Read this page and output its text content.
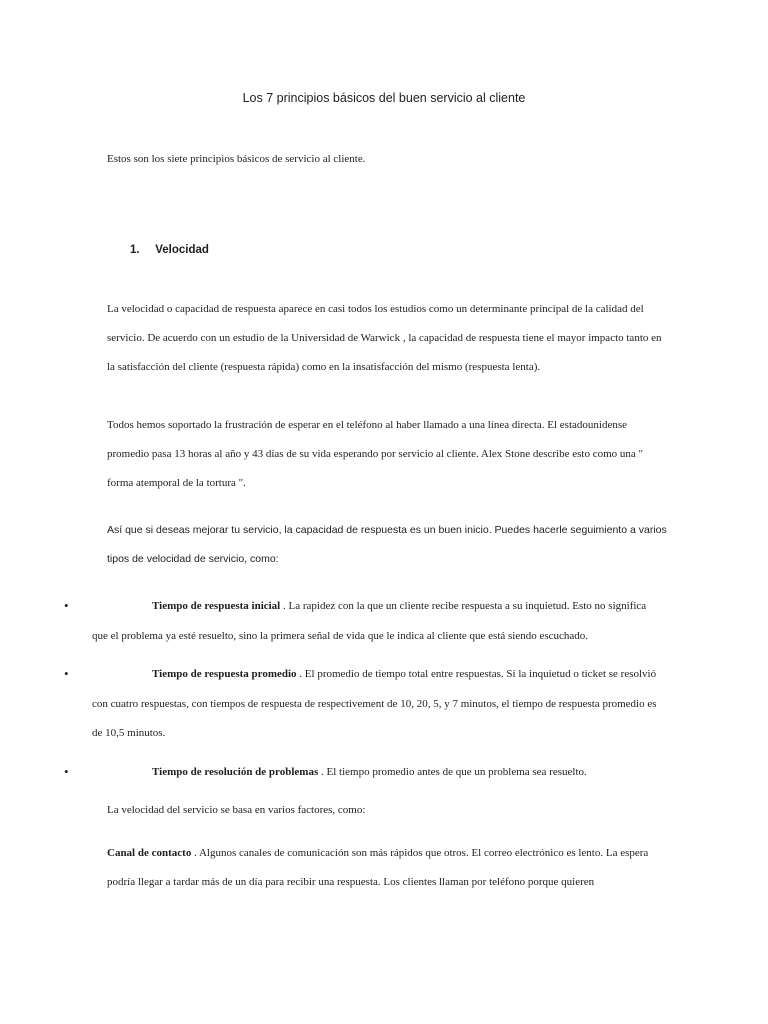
Los 7 principios básicos del buen servicio al cliente

Estos son los siete principios básicos de servicio al cliente.

1. Velocidad

La velocidad o capacidad de respuesta aparece en casi todos los estudios como un determinante principal de la calidad del servicio. De acuerdo con un estudio de la Universidad de Warwick , la capacidad de respuesta tiene el mayor impacto tanto en la satisfacción del cliente (respuesta rápida) como en la insatisfacción del mismo (respuesta lenta).

Todos hemos soportado la frustración de esperar en el teléfono al haber llamado a una línea directa. El estadounidense promedio pasa 13 horas al año y 43 días de su vida esperando por servicio al cliente. Alex Stone describe esto como una " forma atemporal de la tortura ".

Así que si deseas mejorar tu servicio, la capacidad de respuesta es un buen inicio. Puedes hacerle seguimiento a varios tipos de velocidad de servicio, como:

•	Tiempo de respuesta inicial . La rapidez con la que un cliente recibe respuesta a su inquietud. Esto no significa que el problema ya esté resuelto, sino la primera señal de vida que le indica al cliente que está siendo escuchado.

•	Tiempo de respuesta promedio . El promedio de tiempo total entre respuestas. Si la inquietud o ticket se resolvió con cuatro respuestas, con tiempos de respuesta de respectivement de 10, 20, 5, y 7 minutos, el tiempo de respuesta promedio es de 10,5 minutos.

•	Tiempo de resolución de problemas . El tiempo promedio antes de que un problema sea resuelto.

La velocidad del servicio se basa en varios factores, como:

Canal de contacto . Algunos canales de comunicación son más rápidos que otros. El correo electrónico es lento. La espera podría llegar a tardar más de un día para recibir una respuesta. Los clientes llaman por teléfono porque quieren
